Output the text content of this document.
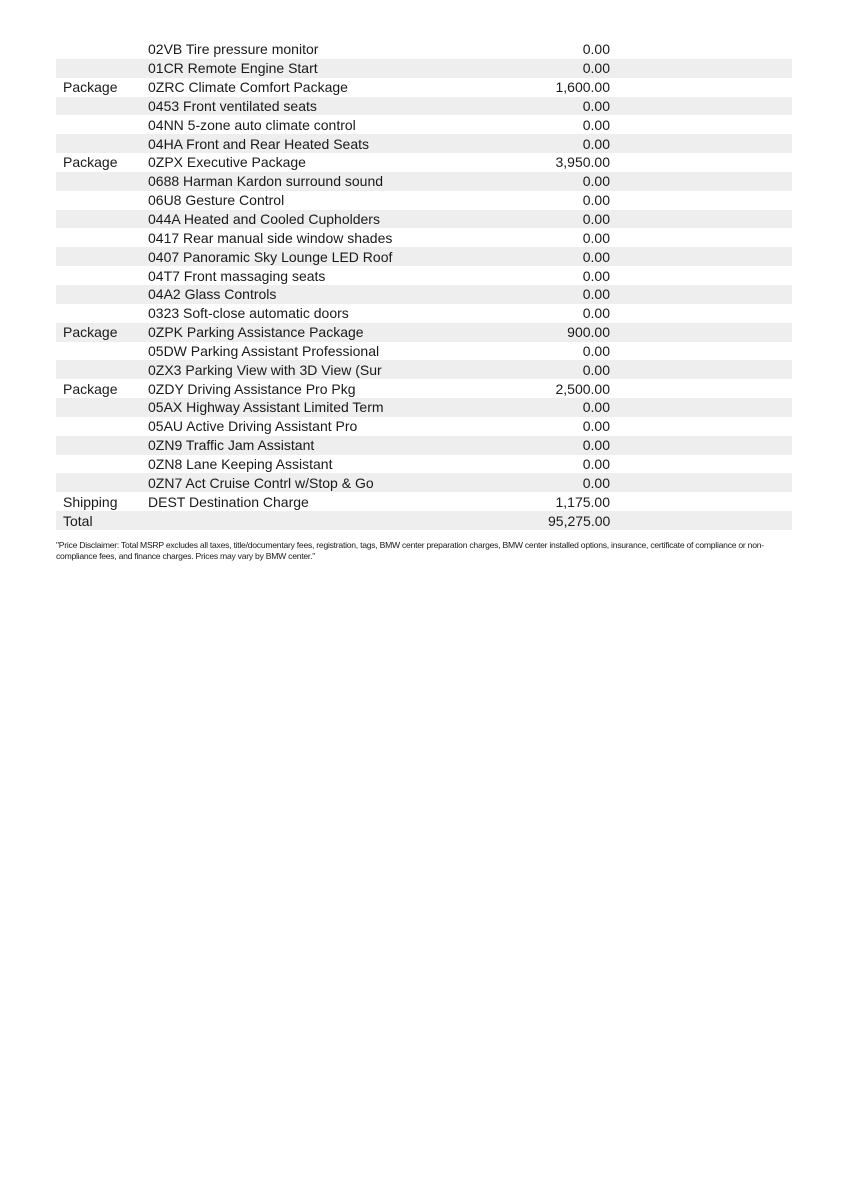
	02VB Tire pressure monitor	0.00	
	01CR Remote Engine Start	0.00	
Package	0ZRC Climate Comfort Package	1,600.00	
	0453 Front ventilated seats	0.00	
	04NN 5-zone auto climate control	0.00	
	04HA Front and Rear Heated Seats	0.00	
Package	0ZPX Executive Package	3,950.00	
	0688 Harman Kardon surround sound	0.00	
	06U8 Gesture Control	0.00	
	044A Heated and Cooled Cupholders	0.00	
	0417 Rear manual side window shades	0.00	
	0407 Panoramic Sky Lounge LED Roof	0.00	
	04T7 Front massaging seats	0.00	
	04A2 Glass Controls	0.00	
	0323 Soft-close automatic doors	0.00	
Package	0ZPK Parking Assistance Package	900.00	
	05DW Parking Assistant Professional	0.00	
	0ZX3 Parking View with 3D View (Sur	0.00	
Package	0ZDY Driving Assistance Pro Pkg	2,500.00	
	05AX Highway Assistant Limited Term	0.00	
	05AU Active Driving Assistant Pro	0.00	
	0ZN9 Traffic Jam Assistant	0.00	
	0ZN8 Lane Keeping Assistant	0.00	
	0ZN7 Act Cruise Contrl w/Stop & Go	0.00	
Shipping	DEST Destination Charge	1,175.00	
Total		95,275.00	
"Price Disclaimer: Total MSRP excludes all taxes, title/documentary fees, registration, tags, BMW center preparation charges, BMW center installed options, insurance, certificate of compliance or non-compliance fees, and finance charges. Prices may vary by BMW center."
